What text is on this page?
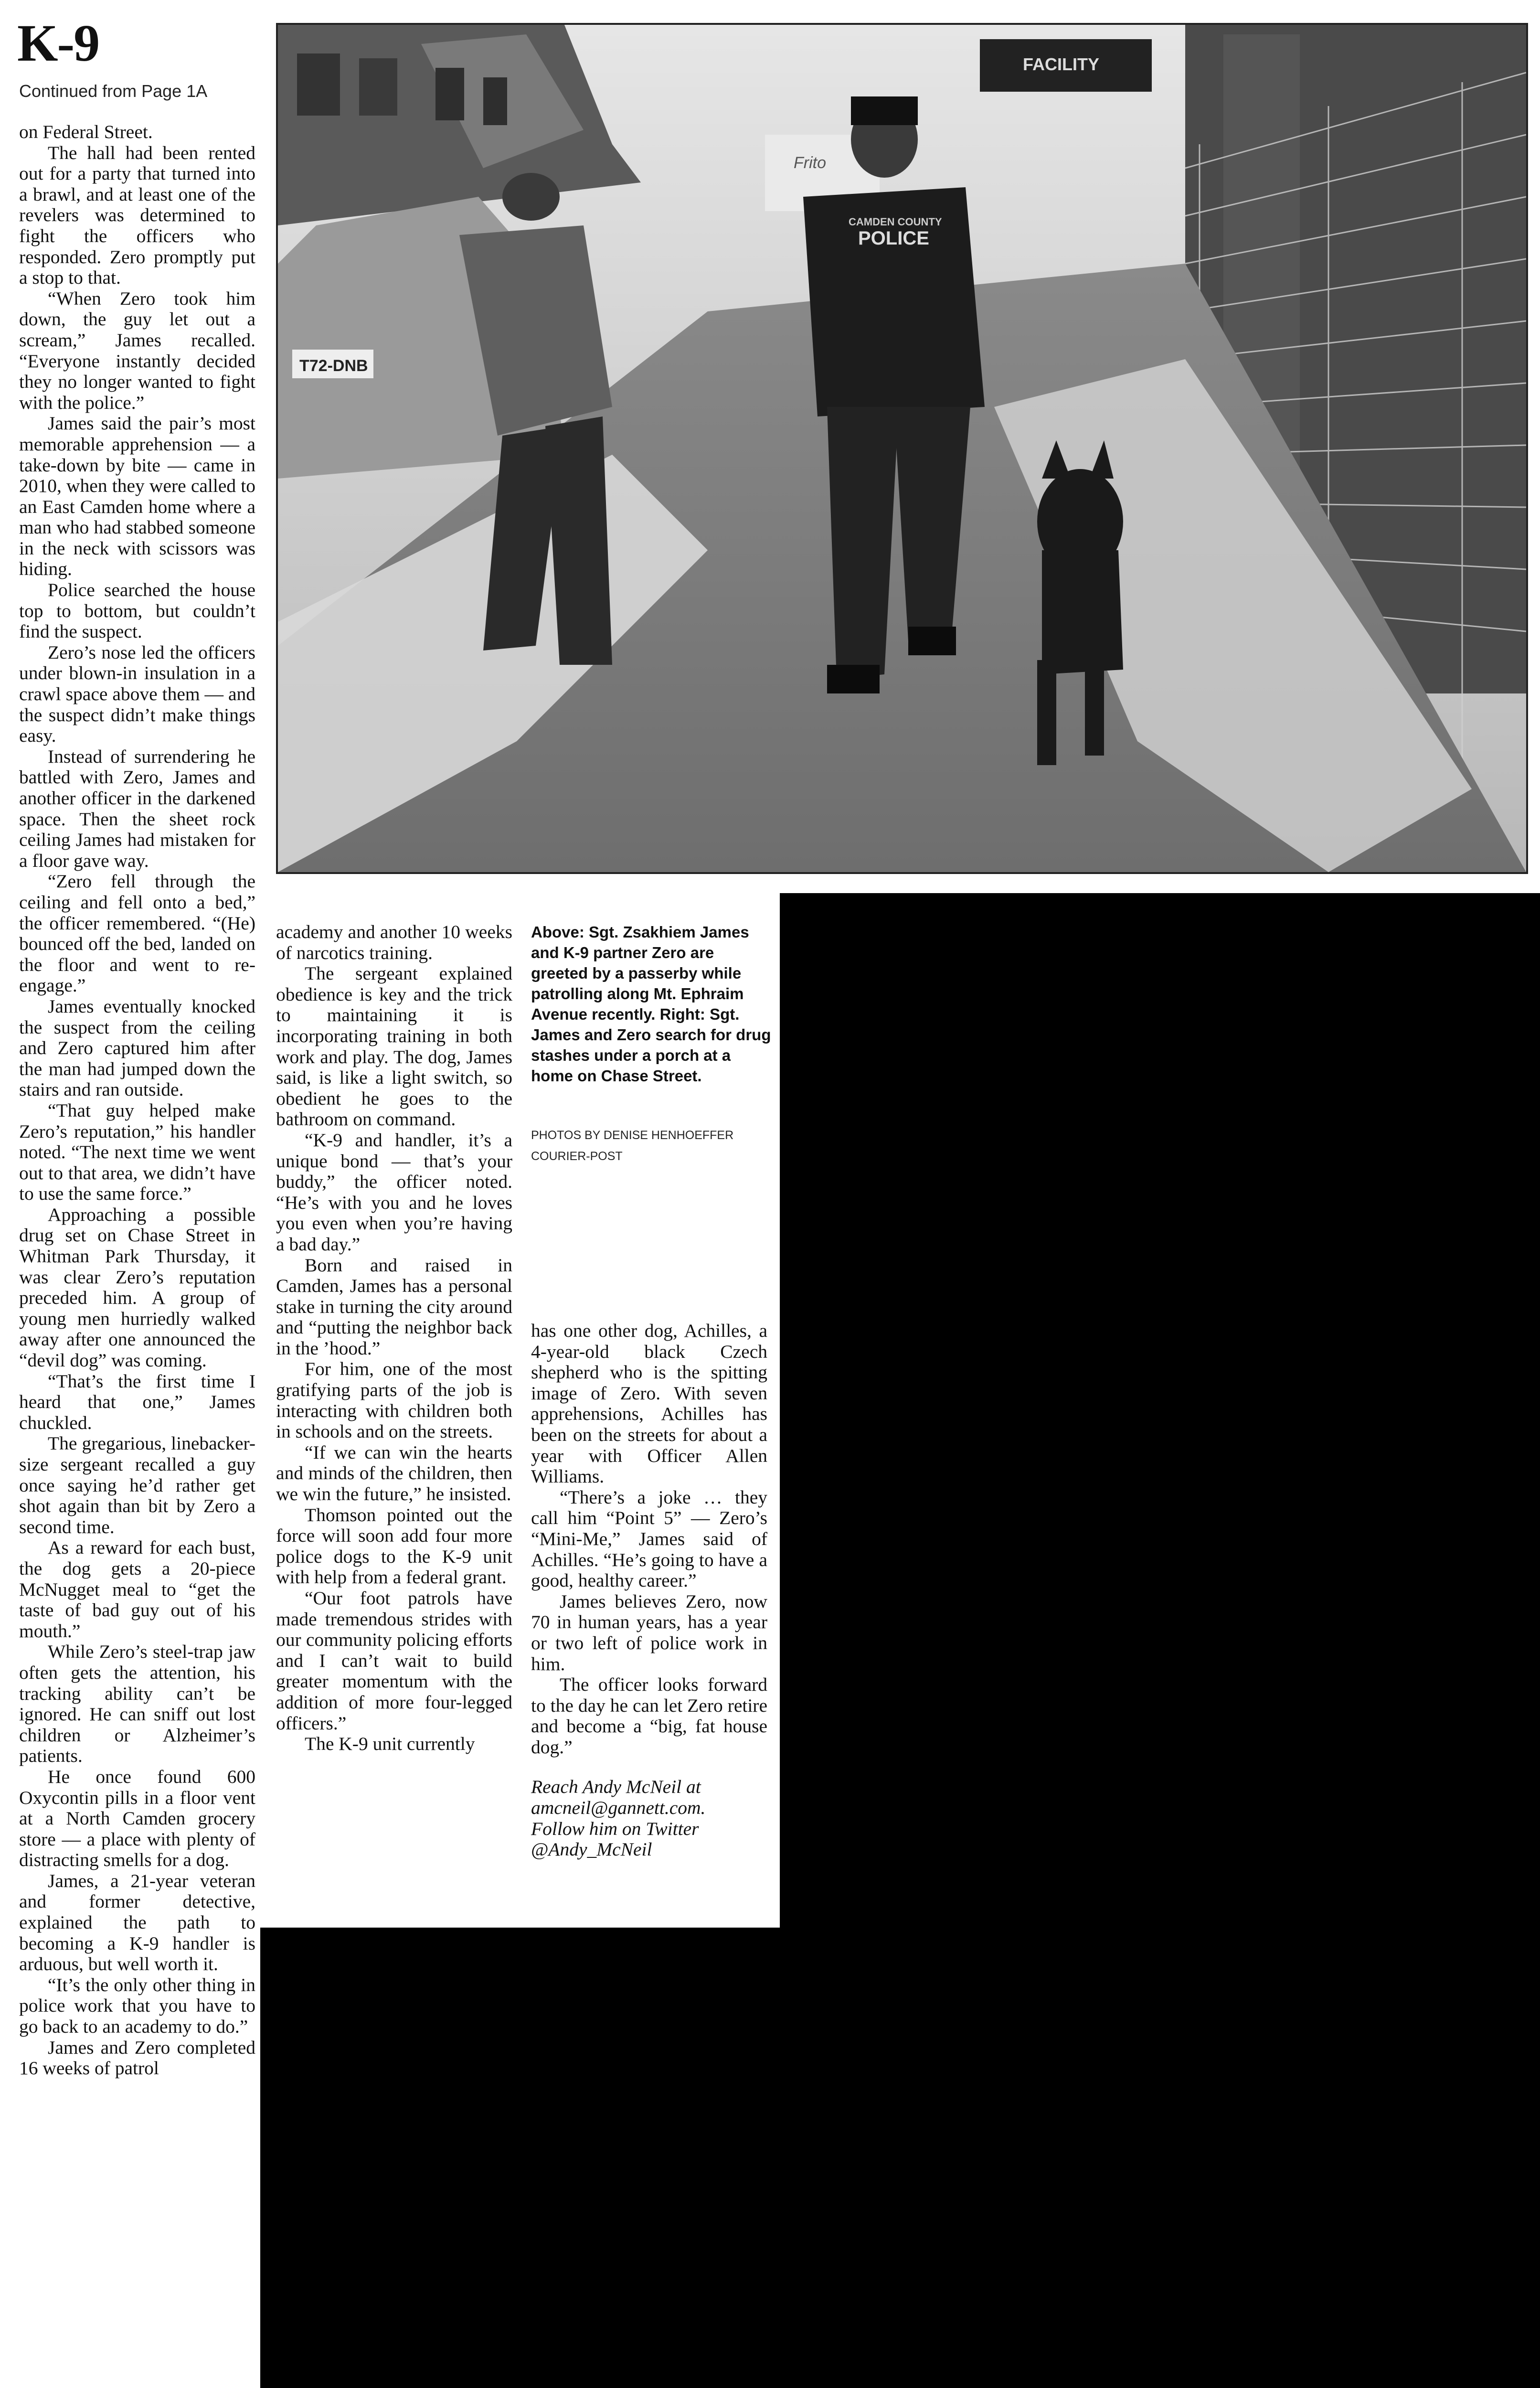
K-9
Continued from Page 1A
FACILITY
T72-DNB
Frito
CAMDEN COUNTY
POLICE

on Federal Street.

The hall had been rented out for a party that turned into a brawl, and at least one of the revelers was determined to fight the officers who responded. Zero promptly put a stop to that.

“When Zero took him down, the guy let out a scream,” James recalled. “Everyone instantly decided they no longer wanted to fight with the police.”

James said the pair’s most memorable apprehension — a take-down by bite — came in 2010, when they were called to an East Camden home where a man who had stabbed someone in the neck with scissors was hiding.

Police searched the house top to bottom, but couldn’t find the suspect.

Zero’s nose led the officers under blown-in insulation in a crawl space above them — and the suspect didn’t make things easy.

Instead of surrendering he battled with Zero, James and another officer in the darkened space. Then the sheet rock ceiling James had mistaken for a floor gave way.

“Zero fell through the ceiling and fell onto a bed,” the officer remembered. “(He) bounced off the bed, landed on the floor and went to re-engage.”

James eventually knocked the suspect from the ceiling and Zero captured him after the man had jumped down the stairs and ran outside.

“That guy helped make Zero’s reputation,” his handler noted. “The next time we went out to that area, we didn’t have to use the same force.”

Approaching a possible drug set on Chase Street in Whitman Park Thursday, it was clear Zero’s reputation preceded him. A group of young men hurriedly walked away after one announced the “devil dog” was coming.

“That’s the first time I heard that one,” James chuckled.

The gregarious, linebacker-size sergeant recalled a guy once saying he’d rather get shot again than bit by Zero a second time.

As a reward for each bust, the dog gets a 20-piece McNugget meal to “get the taste of bad guy out of his mouth.”

While Zero’s steel-trap jaw often gets the attention, his tracking ability can’t be ignored. He can sniff out lost children or Alzheimer’s patients.

He once found 600 Oxycontin pills in a floor vent at a North Camden grocery store — a place with plenty of distracting smells for a dog.

James, a 21-year veteran and former detective, explained the path to becoming a K-9 handler is arduous, but well worth it.

“It’s the only other thing in police work that you have to go back to an academy to do.”

James and Zero completed 16 weeks of patrol

academy and another 10 weeks of narcotics training.

The sergeant explained obedience is key and the trick to maintaining it is incorporating training in both work and play. The dog, James said, is like a light switch, so obedient he goes to the bathroom on command.

“K-9 and handler, it’s a unique bond — that’s your buddy,” the officer noted. “He’s with you and he loves you even when you’re having a bad day.”

Born and raised in Camden, James has a personal stake in turning the city around and “putting the neighbor back in the ’hood.”

For him, one of the most gratifying parts of the job is interacting with children both in schools and on the streets.

“If we can win the hearts and minds of the children, then we win the future,” he insisted.

Thomson pointed out the force will soon add four more police dogs to the K-9 unit with help from a federal grant.

“Our foot patrols have made tremendous strides with our community policing efforts and I can’t wait to build greater momentum with the addition of more four-legged officers.”

The K-9 unit currently

Above: Sgt. Zsakhiem James and K-9 partner Zero are greeted by a passerby while patrolling along Mt. Ephraim Avenue recently. Right: Sgt. James and Zero search for drug stashes under a porch at a home on Chase Street.
PHOTOS BY DENISE HENHOEFFER
COURIER-POST

has one other dog, Achilles, a 4-year-old black Czech shepherd who is the spitting image of Zero. With seven apprehensions, Achilles has been on the streets for about a year with Officer Allen Williams.

“There’s a joke … they call him “Point 5” — Zero’s “Mini-Me,” James said of Achilles. “He’s going to have a good, healthy career.”

James believes Zero, now 70 in human years, has a year or two left of police work in him.

The officer looks forward to the day he can let Zero retire and become a “big, fat house dog.”

Reach Andy McNeil at
amcneil@gannett.com.
Follow him on Twitter
@Andy_McNeil
